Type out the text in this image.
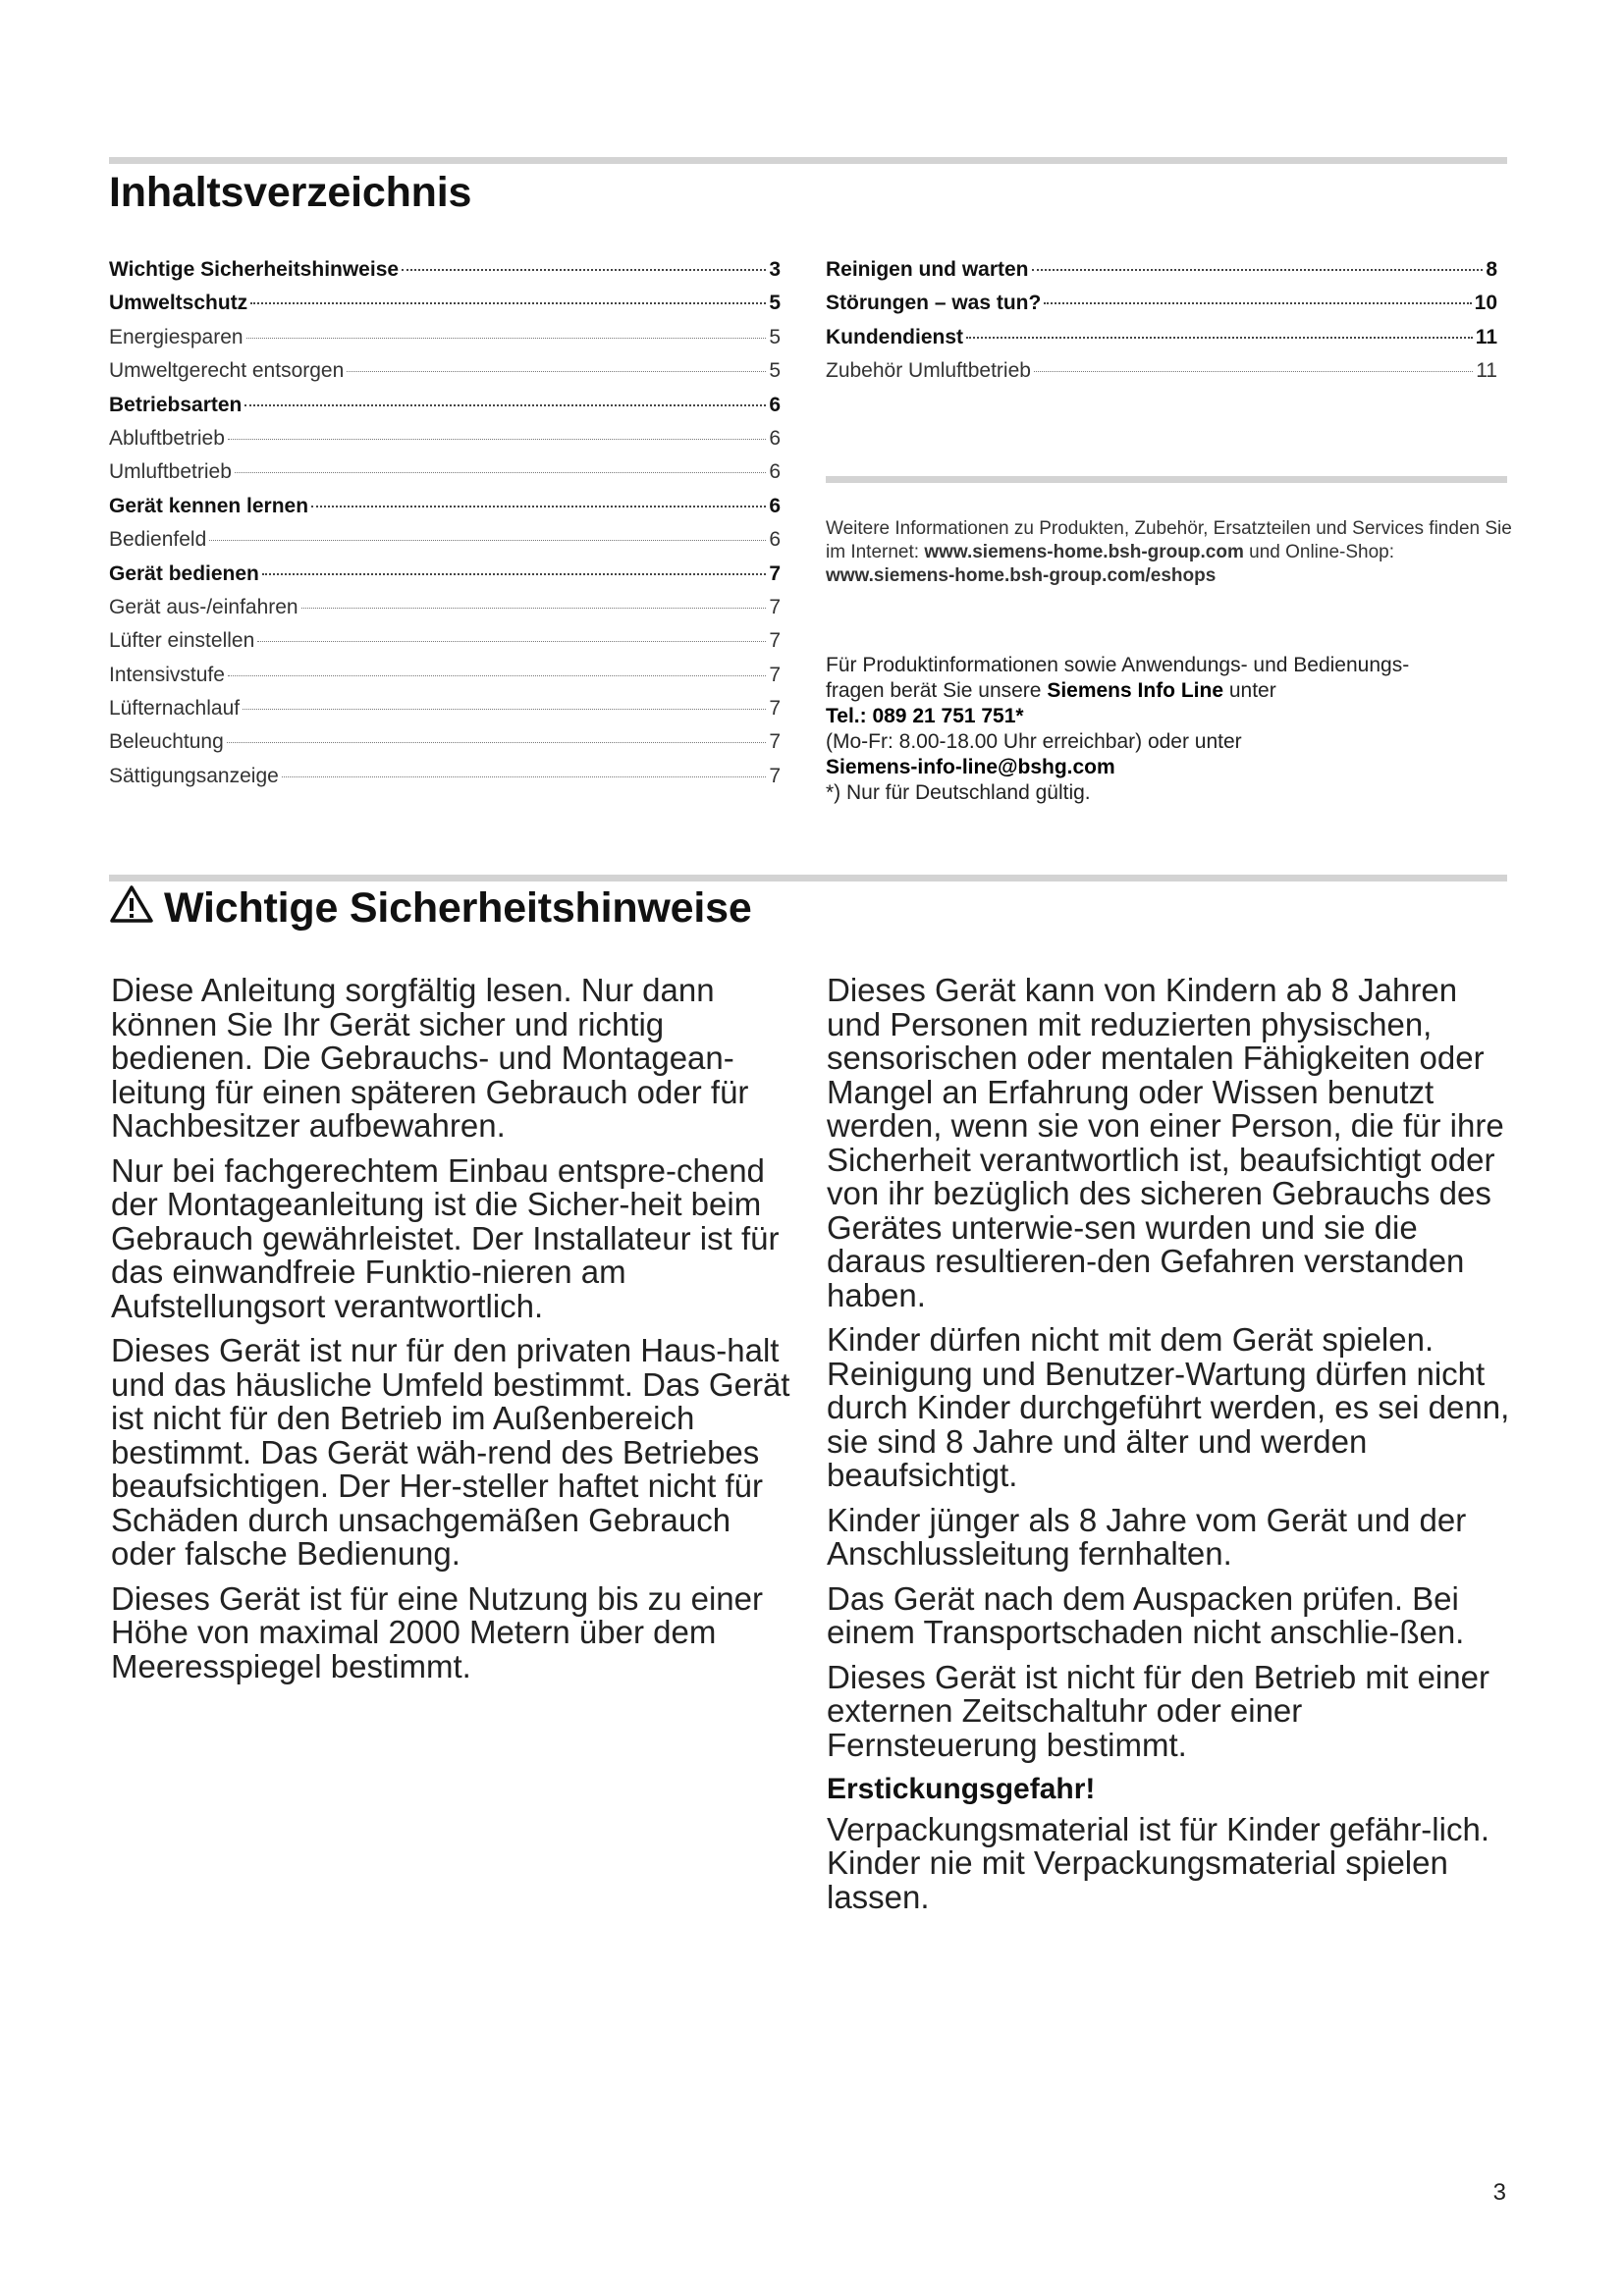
Inhaltsverzeichnis
Wichtige Sicherheitshinweise	3
Umweltschutz	5
Energiesparen	5
Umweltgerecht entsorgen	5
Betriebsarten	6
Abluftbetrieb	6
Umluftbetrieb	6
Gerät kennen lernen	6
Bedienfeld	6
Gerät bedienen	7
Gerät aus-/einfahren	7
Lüfter einstellen	7
Intensivstufe	7
Lüfternachlauf	7
Beleuchtung	7
Sättigungsanzeige	7
Reinigen und warten	8
Störungen – was tun?	10
Kundendienst	11
Zubehör Umluftbetrieb	11
Weitere Informationen zu Produkten, Zubehör, Ersatzteilen und Services finden Sie im Internet: www.siemens-home.bsh-group.com und Online-Shop: www.siemens-home.bsh-group.com/eshops
Für Produktinformationen sowie Anwendungs- und Bedienungs-
fragen berät Sie unsere Siemens Info Line unter
Tel.: 089 21 751 751*
(Mo-Fr: 8.00-18.00 Uhr erreichbar) oder unter
Siemens-info-line@bshg.com
*) Nur für Deutschland gültig.
Wichtige Sicherheitshinweise

Diese Anleitung sorgfältig lesen. Nur dann können Sie Ihr Gerät sicher und richtig bedienen. Die Gebrauchs- und Montagean-leitung für einen späteren Gebrauch oder für Nachbesitzer aufbewahren.

Nur bei fachgerechtem Einbau entspre-chend der Montageanleitung ist die Sicher-heit beim Gebrauch gewährleistet. Der Installateur ist für das einwandfreie Funktio-nieren am Aufstellungsort verantwortlich.

Dieses Gerät ist nur für den privaten Haus-halt und das häusliche Umfeld bestimmt. Das Gerät ist nicht für den Betrieb im Außenbereich bestimmt. Das Gerät wäh-rend des Betriebes beaufsichtigen. Der Her-steller haftet nicht für Schäden durch unsachgemäßen Gebrauch oder falsche Bedienung.

Dieses Gerät ist für eine Nutzung bis zu einer Höhe von maximal 2000 Metern über dem Meeresspiegel bestimmt.

Dieses Gerät kann von Kindern ab 8 Jahren und Personen mit reduzierten physischen, sensorischen oder mentalen Fähigkeiten oder Mangel an Erfahrung oder Wissen benutzt werden, wenn sie von einer Person, die für ihre Sicherheit verantwortlich ist, beaufsichtigt oder von ihr bezüglich des sicheren Gebrauchs des Gerätes unterwie-sen wurden und sie die daraus resultieren-den Gefahren verstanden haben.

Kinder dürfen nicht mit dem Gerät spielen. Reinigung und Benutzer-Wartung dürfen nicht durch Kinder durchgeführt werden, es sei denn, sie sind 8 Jahre und älter und werden beaufsichtigt.

Kinder jünger als 8 Jahre vom Gerät und der Anschlussleitung fernhalten.

Das Gerät nach dem Auspacken prüfen. Bei einem Transportschaden nicht anschlie-ßen.

Dieses Gerät ist nicht für den Betrieb mit einer externen Zeitschaltuhr oder einer Fernsteuerung bestimmt.

Erstickungsgefahr!

Verpackungsmaterial ist für Kinder gefähr-lich. Kinder nie mit Verpackungsmaterial spielen lassen.

3
